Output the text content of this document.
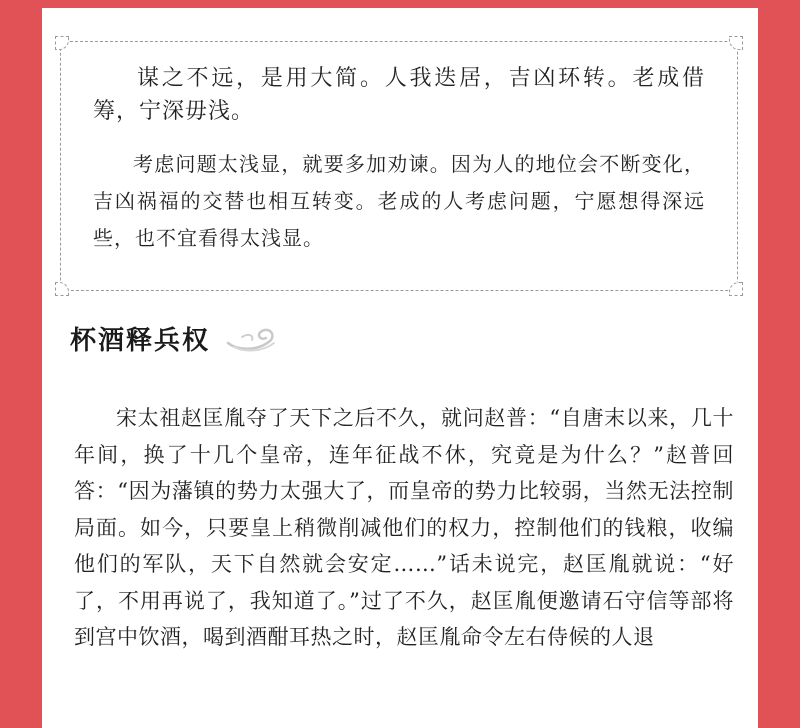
谋之不远，是用大简。人我迭居，吉凶环转。老成借筹，宁深毋浅。

考虑问题太浅显，就要多加劝谏。因为人的地位会不断变化，吉凶祸福的交替也相互转变。老成的人考虑问题，宁愿想得深远些，也不宜看得太浅显。

杯酒释兵权

宋太祖赵匡胤夺了天下之后不久，就问赵普：“自唐末以来，几十年间，换了十几个皇帝，连年征战不休，究竟是为什么？”赵普回答：“因为藩镇的势力太强大了，而皇帝的势力比较弱，当然无法控制局面。如今，只要皇上稍微削减他们的权力，控制他们的钱粮，收编他们的军队，天下自然就会安定……”话未说完，赵匡胤就说：“好了，不用再说了，我知道了。”过了不久，赵匡胤便邀请石守信等部将到宫中饮酒，喝到酒酣耳热之时，赵匡胤命令左右侍候的人退
